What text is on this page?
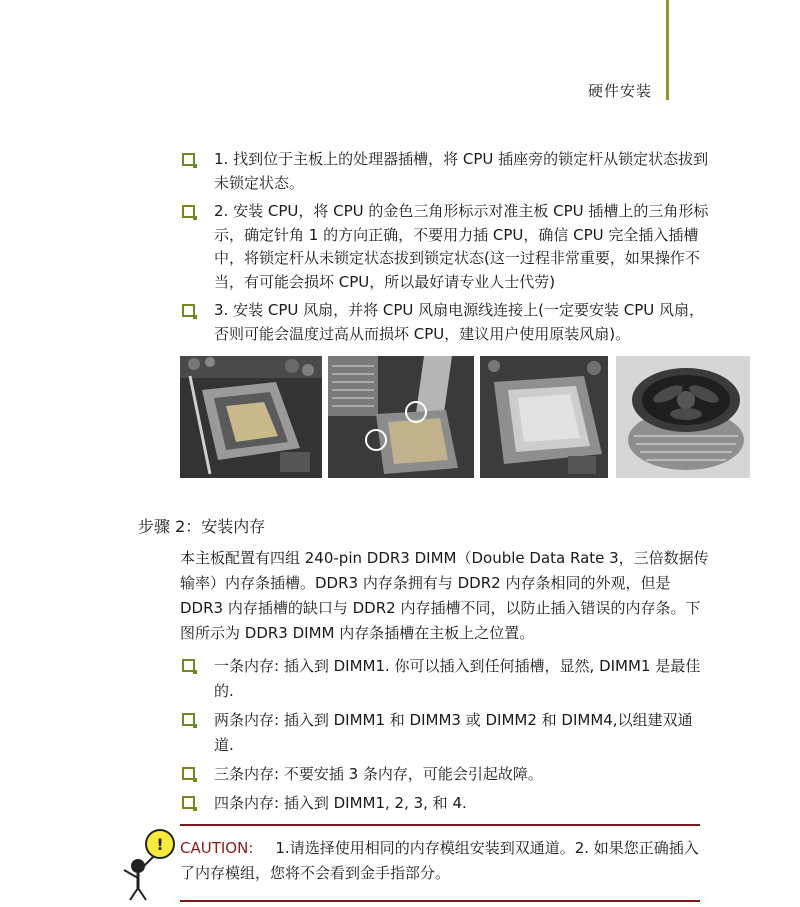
硬件安装
1. 找到位于主板上的处理器插槽，将 CPU 插座旁的锁定杆从锁定状态拔到未锁定状态。
2. 安装 CPU，将 CPU 的金色三角形标示对准主板 CPU 插槽上的三角形标示，确定针角 1 的方向正确，不要用力插 CPU，确信 CPU 完全插入插槽中，将锁定杆从未锁定状态拔到锁定状态(这一过程非常重要，如果操作不当，有可能会损坏 CPU，所以最好请专业人士代劳)
3. 安装 CPU 风扇，并将 CPU 风扇电源线连接上(一定要安装 CPU 风扇，否则可能会温度过高从而损坏 CPU，建议用户使用原装风扇)。
步骤 2：安装内存

本主板配置有四组 240-pin DDR3 DIMM（Double Data Rate 3，三倍数据传输率）内存条插槽。DDR3 内存条拥有与 DDR2 内存条相同的外观，但是 DDR3 内存插槽的缺口与 DDR2 内存插槽不同，以防止插入错误的内存条。下图所示为 DDR3 DIMM 内存条插槽在主板上之位置。

一条内存: 插入到 DIMM1. 你可以插入到任何插槽，显然, DIMM1 是最佳的.
两条内存: 插入到 DIMM1 和 DIMM3 或 DIMM2 和 DIMM4,以组建双通道.
三条内存: 不要安插 3 条内存，可能会引起故障。
四条内存: 插入到 DIMM1, 2, 3, 和 4.
! CAUTION: 1.请选择使用相同的内存模组安装到双通道。2. 如果您正确插入了内存模组，您将不会看到金手指部分。
